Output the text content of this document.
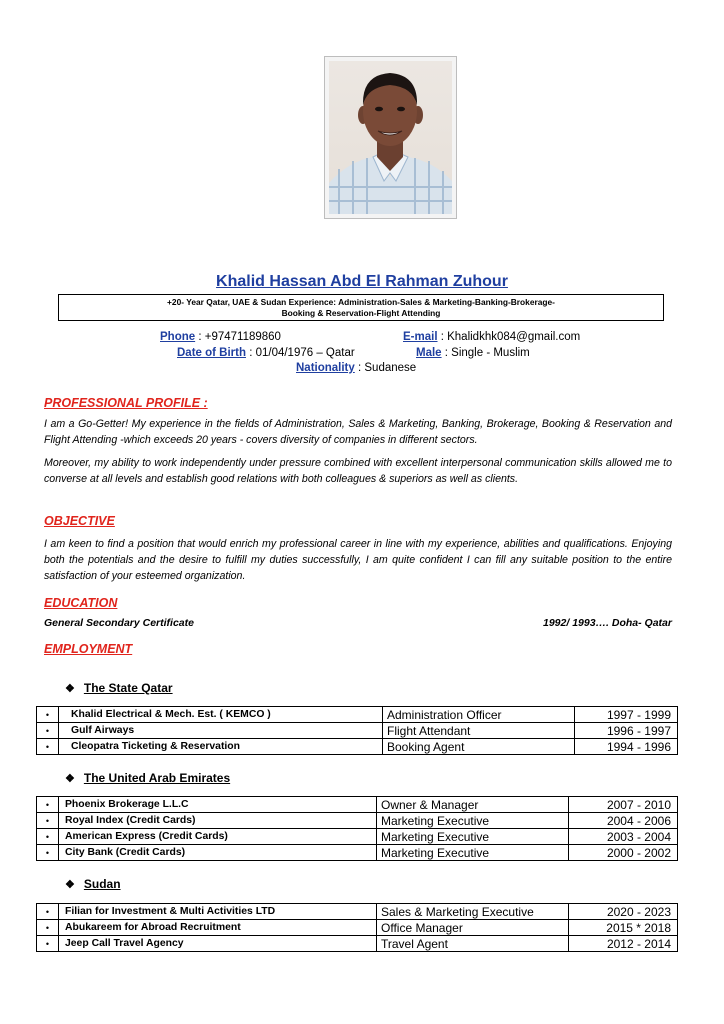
Khalid Hassan Abd El Rahman Zuhour
+20- Year Qatar, UAE & Sudan Experience: Administration-Sales & Marketing-Banking-Brokerage-
Booking & Reservation-Flight Attending
Phone : +97471189860	E-mail : Khalidkhk084@gmail.com
Date of Birth : 01/04/1976 – Qatar	Male : Single - Muslim
Nationality : Sudanese
PROFESSIONAL PROFILE :
I am a Go-Getter! My experience in the fields of Administration, Sales & Marketing, Banking, Brokerage, Booking & Reservation and Flight Attending -which exceeds 20 years - covers diversity of companies in different sectors.
Moreover, my ability to work independently under pressure combined with excellent interpersonal communication skills allowed me to converse at all levels and establish good relations with both colleagues & superiors as well as clients.
OBJECTIVE
I am keen to find a position that would enrich my professional career in line with my experience, abilities and qualifications. Enjoying both the potentials and the desire to fulfill my duties successfully, I am quite confident I can fill any suitable position to the entire satisfaction of your esteemed organization.
EDUCATION
General Secondary Certificate	1992/ 1993…. Doha- Qatar
EMPLOYMENT
❖ The State Qatar
•	Khalid Electrical & Mech. Est. ( KEMCO )	Administration Officer	1997 - 1999
•	Gulf Airways	Flight Attendant	1996 - 1997
•	Cleopatra Ticketing & Reservation	Booking Agent	1994 - 1996
❖ The United Arab Emirates
•	Phoenix Brokerage L.L.C	Owner & Manager	2007 - 2010
•	Royal Index (Credit Cards)	Marketing Executive	2004 - 2006
•	American Express (Credit Cards)	Marketing Executive	2003 - 2004
•	City Bank (Credit Cards)	Marketing Executive	2000 - 2002
❖ Sudan
•	Filian for Investment & Multi Activities LTD	Sales & Marketing Executive	2020 - 2023
•	Abukareem for Abroad Recruitment	Office Manager	2015 * 2018
•	Jeep Call Travel Agency	Travel Agent	2012 - 2014
